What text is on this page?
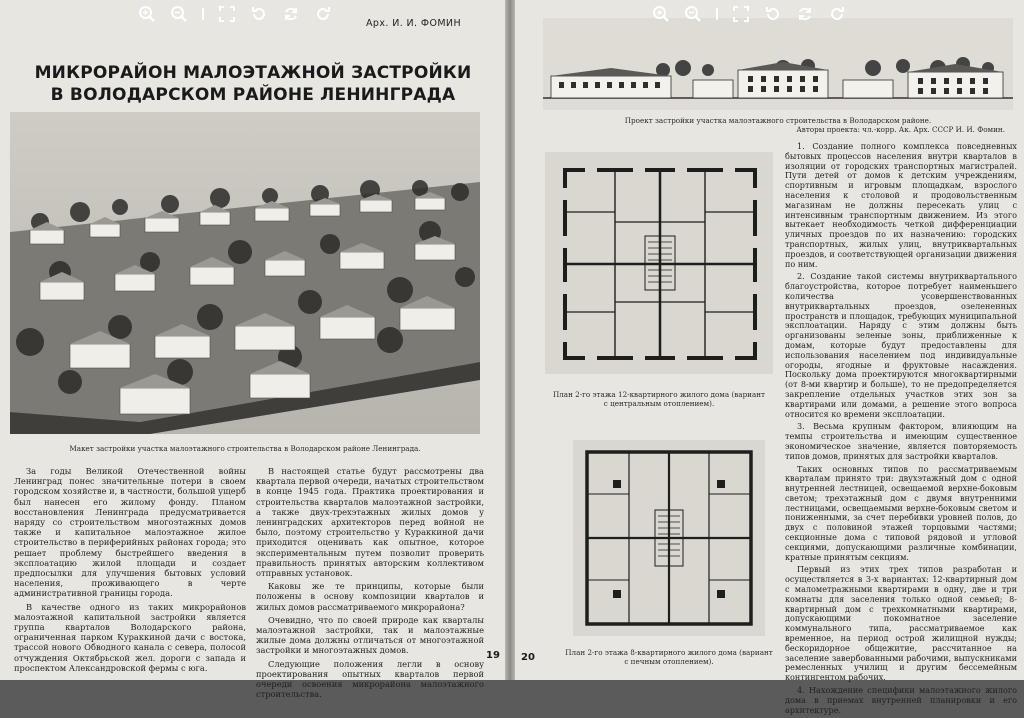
Арх. И. И. ФОМИН
МИКРОРАЙОН МАЛОЭТАЖНОЙ ЗАСТРОЙКИ
В ВОЛОДАРСКОМ РАЙОНЕ ЛЕНИНГРАДА
Макет застройки участка малоэтажного строительства в Володарском районе Ленинграда.

За годы Великой Отечественной войны Ленинград понес значительные потери в своем городском хозяйстве и, в частности, большой ущерб был нанесен его жилому фонду. Планом восстановления Ленинграда предусматривается наряду со строительством многоэтажных домов также и капитальное малоэтажное жилое строительство в периферийных районах города; это решает проблему быстрейшего введения в эксплоатацию жилой площади и создает предпосылки для улучшения бытовых условий населения, проживающего в черте административной границы города.

В качестве одного из таких микрорайонов малоэтажной капитальной застройки является группа кварталов Володарского района, ограниченная парком Кураккиной дачи с востока, трассой нового Обводного канала с севера, полосой отчуждения Октябрьской жел. дороги с запада и проспектом Александровской фермы с юга.

В настоящей статье будут рассмотрены два квартала первой очереди, начатых строительством в конце 1945 года. Практика проектирования и строительства кварталов малоэтажной застройки, а также двух-трехэтажных жилых домов у ленинградских архитекторов перед войной не было, поэтому строительство у Кураккиной дачи приходится оценивать как опытное, которое экспериментальным путем позволит проверить правильность принятых авторским коллективом отправных установок.

Каковы же те принципы, которые были положены в основу композиции кварталов и жилых домов рассматриваемого микрорайона?

Очевидно, что по своей природе как кварталы малоэтажной застройки, так и малоэтажные жилые дома должны отличаться от многоэтажной застройки и многоэтажных домов.

Следующие положения легли в основу проектирования опытных кварталов первой очереди освоения микрорайона малоэтажного строительства.

19
Проект застройки участка малоэтажного строительства в Володарском районе.
Авторы проекта: чл.-корр. Ак. Арх. СССР И. И. Фомин.
План 2-го этажа 12-квартирного жилого дома (вариант
с центральным отоплением).
План 2-го этажа 8-квартирного жилого дома (вариант
с печным отоплением).

1. Создание полного комплекса повседневных бытовых процессов населения внутри кварталов в изоляции от городских транспортных магистралей. Пути детей от домов к детским учреждениям, спортивным и игровым площадкам, взрослого населения к столовой и продовольственным магазинам не должны пересекать улиц с интенсивным транспортным движением. Из этого вытекает необходимость четкой дифференциации уличных проездов по их назначению: городских транспортных, жилых улиц, внутриквартальных проездов, и соответствующей организации движения по ним.

2. Создание такой системы внутриквартального благоустройства, которое потребует наименьшего количества усовершенствованных внутриквартальных проездов, озелененных пространств и площадок, требующих муниципальной эксплоатации. Наряду с этим должны быть организованы зеленые зоны, приближенные к домам, которые будут предоставлены для использования населением под индивидуальные огороды, ягодные и фруктовые насаждения. Поскольку дома проектируются многоквартирными (от 8-ми квартир и больше), то не предопределяется закрепление отдельных участков этих зон за квартирами или домами, а решение этого вопроса относится ко времени эксплоатации.

3. Весьма крупным фактором, влияющим на темпы строительства и имеющим существенное экономическое значение, является повторяемость типов домов, принятых для застройки кварталов.

Таких основных типов по рассматриваемым кварталам принято три: двухэтажный дом с одной внутренней лестницей, освещаемой верхне-боковым светом; трехэтажный дом с двумя внутренними лестницами, освещаемыми верхне-боковым светом и пониженными, за счет перебивки уровней полов, до двух с половиной этажей торцовыми частями; секционные дома с типовой рядовой и угловой секциями, допускающими различные комбинации, кратные принятым секциям.

Первый из этих трех типов разработан и осуществляется в 3-х вариантах: 12-квартирный дом с малометражными квартирами в одну, две и три комнаты для заселения только одной семьей; 8-квартирный дом с трехкомнатными квартирами, допускающими покомнатное заселение коммунального типа, рассматриваемое как временное, на период острой жилищной нужды; бескоридорное общежитие, рассчитанное на заселение завербованными рабочими, выпускниками ремесленных училищ и другим бессемейным контингентом рабочих.

4. Нахождение специфики малоэтажного жилого дома в приемах внутренней планировки и его архитектуре.

20
